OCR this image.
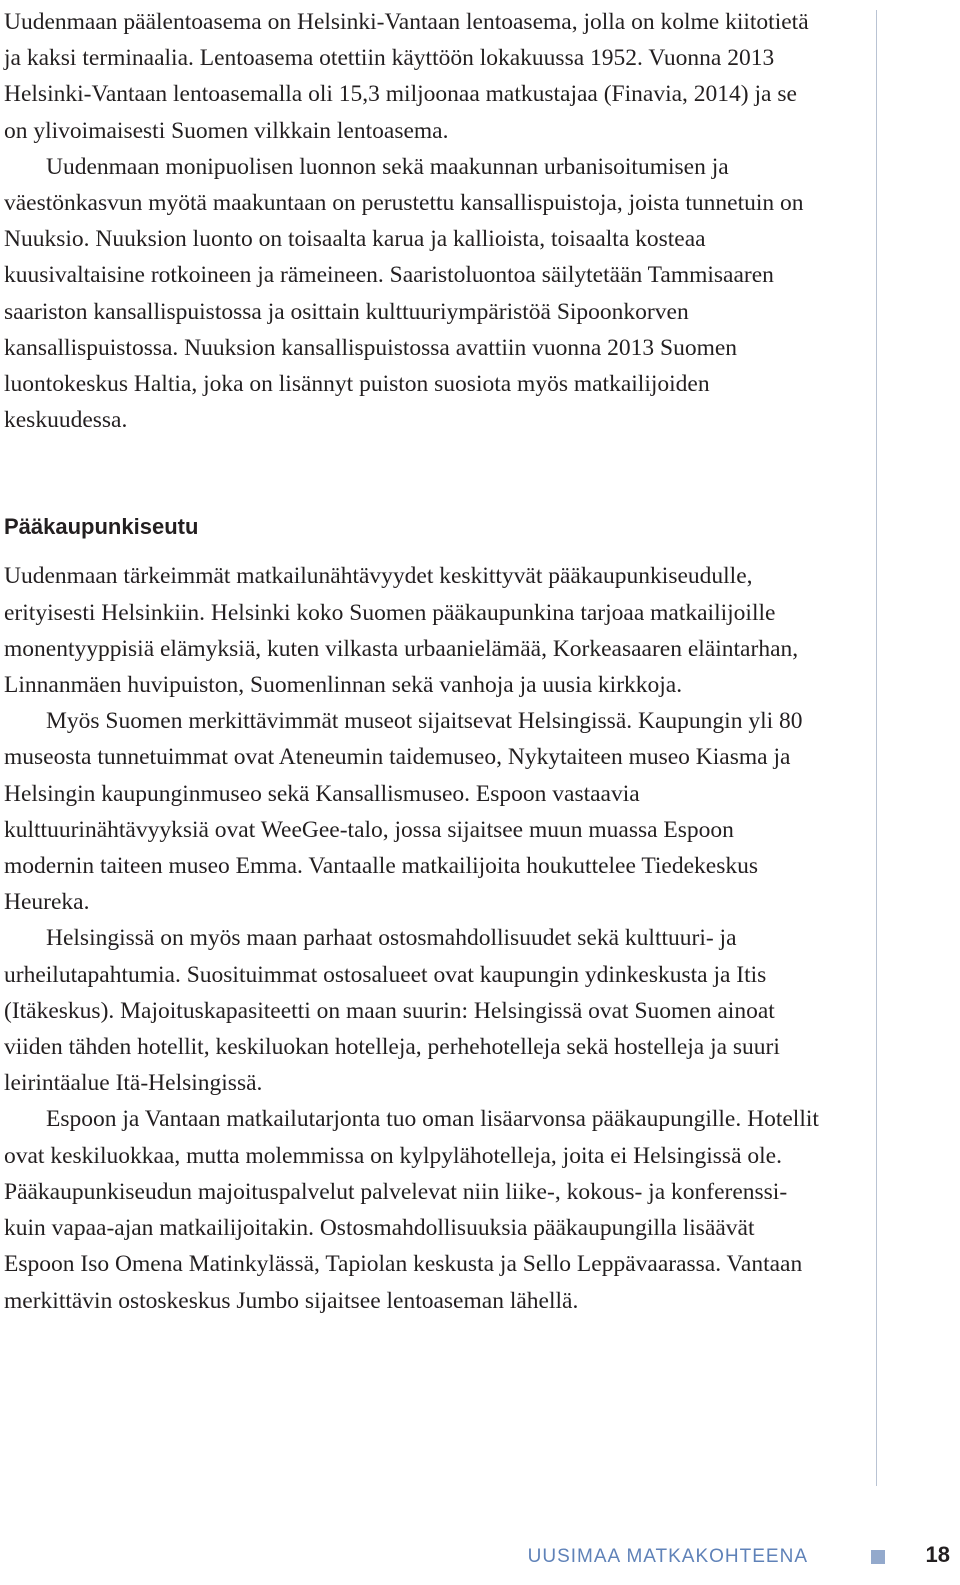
Uudenmaan päälentoasema on Helsinki-Vantaan lentoasema, jolla on kolme kiitotietä ja kaksi terminaalia. Lentoasema otettiin käyttöön lokakuussa 1952. Vuonna 2013 Helsinki-Vantaan lentoasemalla oli 15,3 miljoonaa matkustajaa (Finavia, 2014) ja se on ylivoimaisesti Suomen vilkkain lentoasema.

Uudenmaan monipuolisen luonnon sekä maakunnan urbanisoitumisen ja väestönkasvun myötä maakuntaan on perustettu kansallispuistoja, joista tunnetuin on Nuuksio. Nuuksion luonto on toisaalta karua ja kallioista, toisaalta kosteaa kuusivaltaisine rotkoineen ja rämeineen. Saaristoluontoa säilytetään Tammisaaren saariston kansallispuistossa ja osittain kulttuuriympäristöä Sipoonkorven kansallispuistossa. Nuuksion kansallispuistossa avattiin vuonna 2013 Suomen luontokeskus Haltia, joka on lisännyt puiston suosiota myös matkailijoiden keskuudessa.

Pääkaupunkiseutu

Uudenmaan tärkeimmät matkailunähtävyydet keskittyvät pääkaupunkiseudulle, erityisesti Helsinkiin. Helsinki koko Suomen pääkaupunkina tarjoaa matkailijoille monentyyppisiä elämyksiä, kuten vilkasta urbaanielämää, Korkeasaaren eläintarhan, Linnanmäen huvipuiston, Suomenlinnan sekä vanhoja ja uusia kirkkoja.

Myös Suomen merkittävimmät museot sijaitsevat Helsingissä. Kaupungin yli 80 museosta tunnetuimmat ovat Ateneumin taidemuseo, Nykytaiteen museo Kiasma ja Helsingin kaupunginmuseo sekä Kansallismuseo. Espoon vastaavia kulttuurinähtävyyksiä ovat WeeGee-talo, jossa sijaitsee muun muassa Espoon modernin taiteen museo Emma. Vantaalle matkailijoita houkuttelee Tiedekeskus Heureka.

Helsingissä on myös maan parhaat ostosmahdollisuudet sekä kulttuuri- ja urheilutapahtumia. Suosituimmat ostosalueet ovat kaupungin ydinkeskusta ja Itis (Itäkeskus). Majoituskapasiteetti on maan suurin: Helsingissä ovat Suomen ainoat viiden tähden hotellit, keskiluokan hotelleja, perhehotelleja sekä hostelleja ja suuri leirintäalue Itä-Helsingissä.

Espoon ja Vantaan matkailutarjonta tuo oman lisäarvonsa pääkaupungille. Hotellit ovat keskiluokkaa, mutta molemmissa on kylpylähotelleja, joita ei Helsingissä ole. Pääkaupunkiseudun majoituspalvelut palvelevat niin liike-, kokous- ja konferenssi- kuin vapaa-ajan matkailijoitakin. Ostosmahdollisuuksia pääkaupungilla lisäävät Espoon Iso Omena Matinkylässä, Tapiolan keskusta ja Sello Leppävaarassa. Vantaan merkittävin ostoskeskus Jumbo sijaitsee lentoaseman lähellä.

UUSIMAA MATKAKOHTEENA	18
